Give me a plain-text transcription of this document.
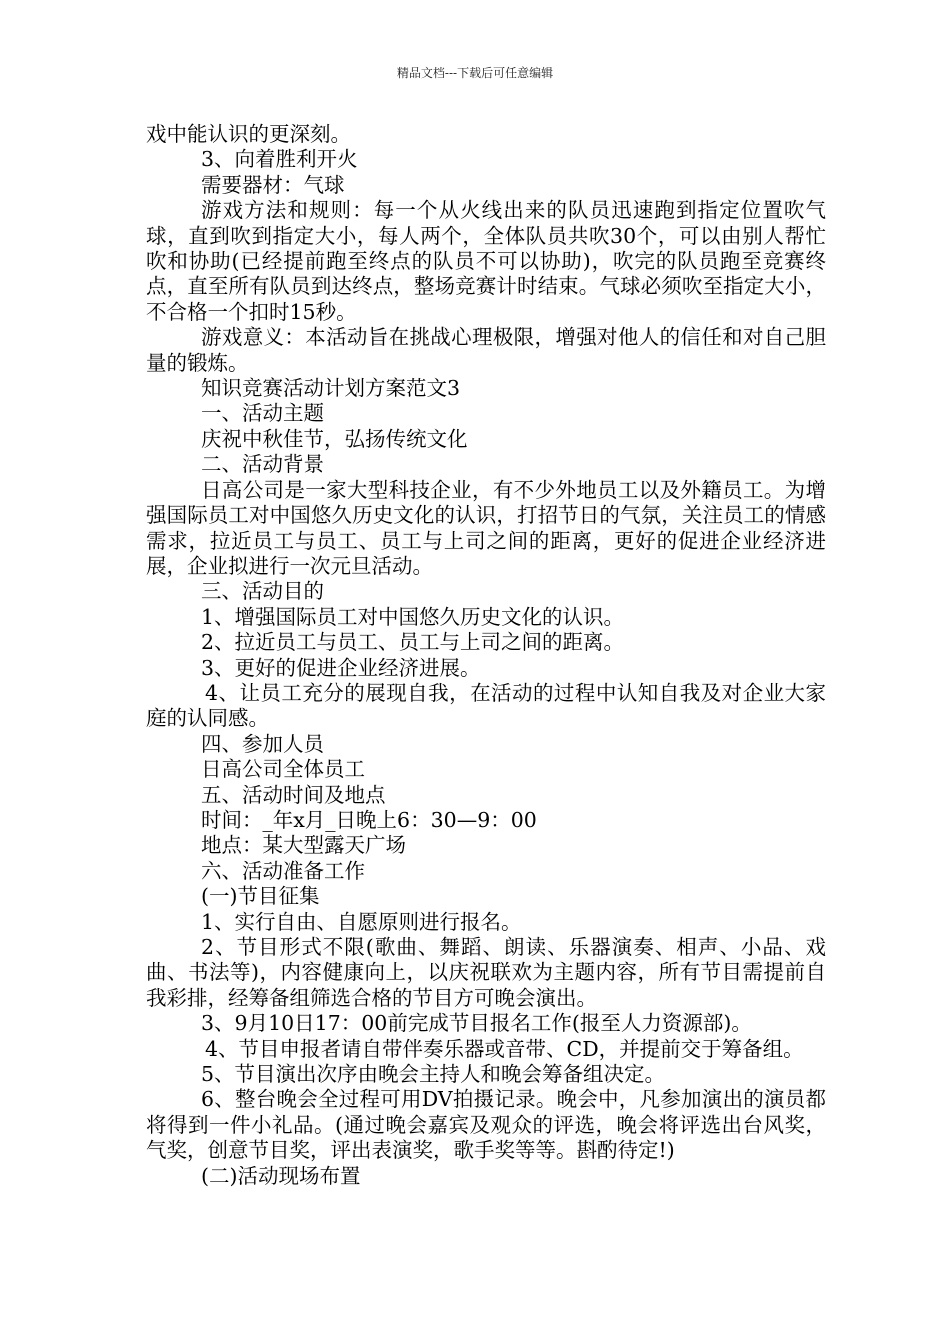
精品文档---下载后可任意编辑

戏中能认识的更深刻。

3、向着胜利开火

需要器材：气球

游戏方法和规则：每一个从火线出来的队员迅速跑到指定位置吹气球，直到吹到指定大小，每人两个，全体队员共吹30个，可以由别人帮忙吹和协助(已经提前跑至终点的队员不可以协助)，吹完的队员跑至竞赛终点，直至所有队员到达终点，整场竞赛计时结束。气球必须吹至指定大小，不合格一个扣时15秒。

游戏意义：本活动旨在挑战心理极限，增强对他人的信任和对自己胆量的锻炼。

知识竞赛活动计划方案范文3

一、活动主题

庆祝中秋佳节，弘扬传统文化

二、活动背景

日高公司是一家大型科技企业，有不少外地员工以及外籍员工。为增强国际员工对中国悠久历史文化的认识，打招节日的气氛，关注员工的情感需求，拉近员工与员工、员工与上司之间的距离，更好的促进企业经济进展，企业拟进行一次元旦活动。

三、活动目的

1、增强国际员工对中国悠久历史文化的认识。

2、拉近员工与员工、员工与上司之间的距离。

3、更好的促进企业经济进展。

4、让员工充分的展现自我，在活动的过程中认知自我及对企业大家庭的认同感。

四、参加人员

日高公司全体员工

五、活动时间及地点

时间：_年x月_日晚上6：30—9：00

地点：某大型露天广场

六、活动准备工作

(一)节目征集

1、实行自由、自愿原则进行报名。

2、节目形式不限(歌曲、舞蹈、朗读、乐器演奏、相声、小品、戏曲、书法等)，内容健康向上，以庆祝联欢为主题内容，所有节目需提前自我彩排，经筹备组筛选合格的节目方可晚会演出。

3、9月10日17：00前完成节目报名工作(报至人力资源部)。

4、节目申报者请自带伴奏乐器或音带、CD，并提前交于筹备组。

5、节目演出次序由晚会主持人和晚会筹备组决定。

6、整台晚会全过程可用DV拍摄记录。晚会中，凡参加演出的演员都将得到一件小礼品。(通过晚会嘉宾及观众的评选，晚会将评选出台风奖，气奖，创意节目奖，评出表演奖，歌手奖等等。斟酌待定!)

(二)活动现场布置
